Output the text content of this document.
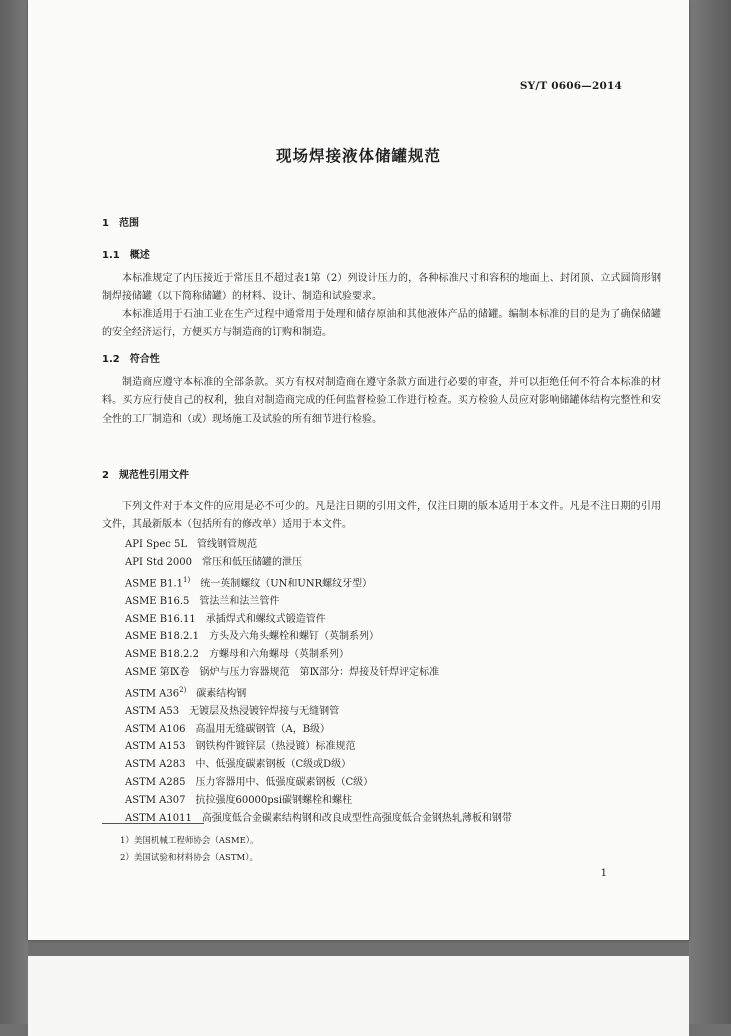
SY/T 0606—2014
现场焊接液体储罐规范
1　范围
1.1　概述
本标准规定了内压接近于常压且不超过表1第（2）列设计压力的，各种标准尺寸和容积的地面上、封闭顶、立式圆筒形钢制焊接储罐（以下简称储罐）的材料、设计、制造和试验要求。
本标准适用于石油工业在生产过程中通常用于处理和储存原油和其他液体产品的储罐。编制本标准的目的是为了确保储罐的安全经济运行，方便买方与制造商的订购和制造。
1.2　符合性
制造商应遵守本标准的全部条款。买方有权对制造商在遵守条款方面进行必要的审查，并可以拒绝任何不符合本标准的材料。买方应行使自己的权利，独自对制造商完成的任何监督检验工作进行检查。买方检验人员应对影响储罐体结构完整性和安全性的工厂制造和（或）现场施工及试验的所有细节进行检验。
2　规范性引用文件
下列文件对于本文件的应用是必不可少的。凡是注日期的引用文件，仅注日期的版本适用于本文件。凡是不注日期的引用文件，其最新版本（包括所有的修改单）适用于本文件。
API Spec 5L 管线钢管规范
API Std 2000 常压和低压储罐的泄压
ASME B1.1$^{1)}$ 统一英制螺纹（UN和UNR螺纹牙型）
ASME B16.5 管法兰和法兰管件
ASME B16.11 承插焊式和螺纹式锻造管件
ASME B18.2.1 方头及六角头螺栓和螺钉（英制系列）
ASME B18.2.2 方螺母和六角螺母（英制系列）
ASME 第Ⅸ卷 锅炉与压力容器规范　第Ⅸ部分：焊接及钎焊评定标准
ASTM A36$^{2)}$ 碳素结构钢
ASTM A53 无镀层及热浸镀锌焊接与无缝钢管
ASTM A106 高温用无缝碳钢管（A，B级）
ASTM A153 钢铁构件镀锌层（热浸镀）标准规范
ASTM A283 中、低强度碳素钢板（C级或D级）
ASTM A285 压力容器用中、低强度碳素钢板（C级）
ASTM A307 抗拉强度60000psi碳钢螺栓和螺柱
ASTM A1011 高强度低合金碳素结构钢和改良成型性高强度低合金钢热轧薄板和钢带
1）美国机械工程师协会（ASME）。
2）美国试验和材料协会（ASTM）。
1
